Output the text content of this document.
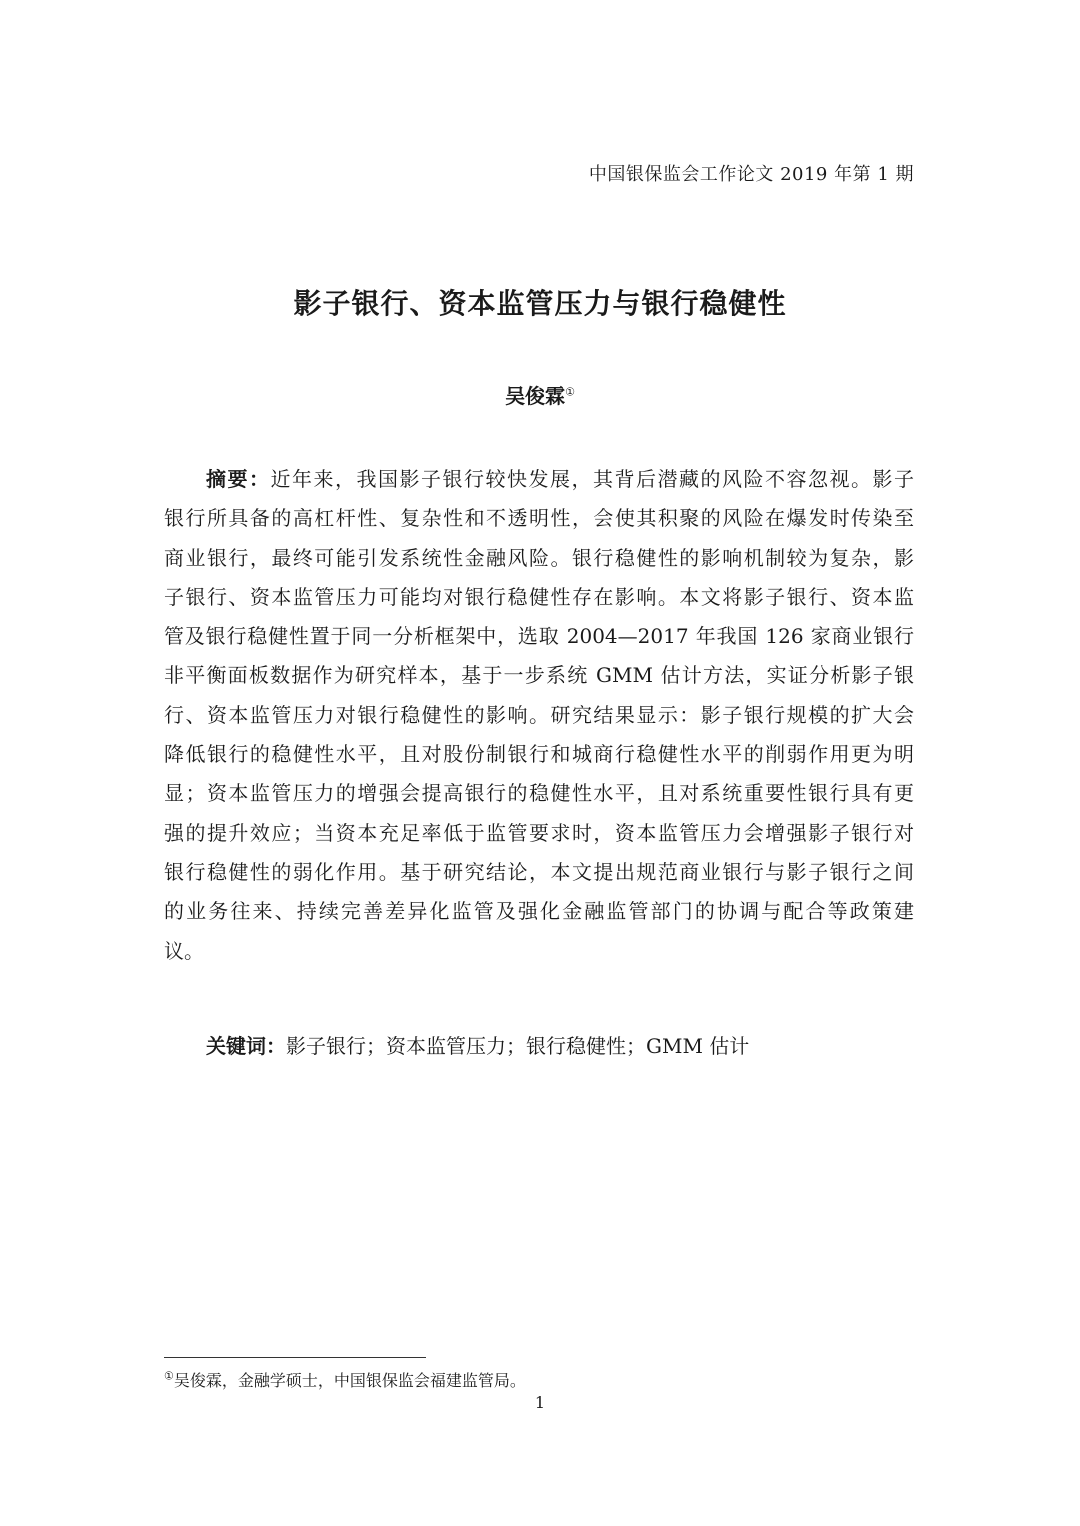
中国银保监会工作论文 2019 年第 1 期
影子银行、资本监管压力与银行稳健性
吴俊霖①
摘要：近年来，我国影子银行较快发展，其背后潜藏的风险不容忽视。影子
银行所具备的高杠杆性、复杂性和不透明性，会使其积聚的风险在爆发时传染至
商业银行，最终可能引发系统性金融风险。银行稳健性的影响机制较为复杂，影
子银行、资本监管压力可能均对银行稳健性存在影响。本文将影子银行、资本监
管及银行稳健性置于同一分析框架中，选取 2004—2017 年我国 126 家商业银行
非平衡面板数据作为研究样本，基于一步系统 GMM 估计方法，实证分析影子银
行、资本监管压力对银行稳健性的影响。研究结果显示：影子银行规模的扩大会
降低银行的稳健性水平，且对股份制银行和城商行稳健性水平的削弱作用更为明
显；资本监管压力的增强会提高银行的稳健性水平，且对系统重要性银行具有更
强的提升效应；当资本充足率低于监管要求时，资本监管压力会增强影子银行对
银行稳健性的弱化作用。基于研究结论，本文提出规范商业银行与影子银行之间
的业务往来、持续完善差异化监管及强化金融监管部门的协调与配合等政策建
议。
关键词：影子银行；资本监管压力；银行稳健性；GMM 估计
①吴俊霖，金融学硕士，中国银保监会福建监管局。
1
